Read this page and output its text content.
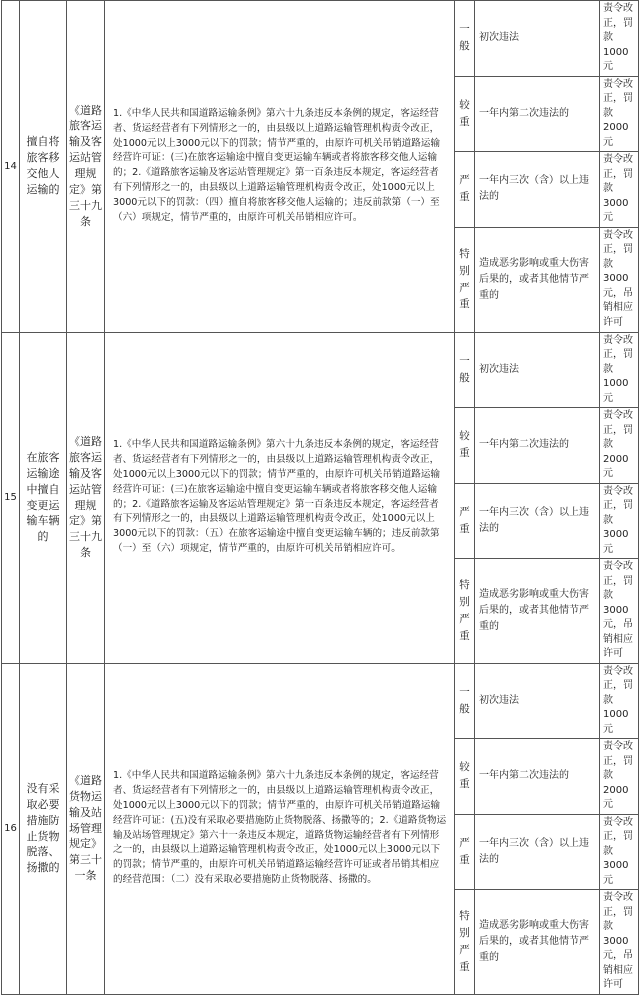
14	擅自将旅客移交他人运输的	《道路旅客运输及客运站管理规定》第三十九条	1.《中华人民共和国道路运输条例》第六十九条违反本条例的规定，客运经营者、货运经营者有下列情形之一的，由县级以上道路运输管理机构责令改正，处1000元以上3000元以下的罚款；情节严重的，由原许可机关吊销道路运输经营许可证：(三)在旅客运输途中擅自变更运输车辆或者将旅客移交他人运输的；2.《道路旅客运输及客运站管理规定》第一百条违反本规定，客运经营者有下列情形之一的，由县级以上道路运输管理机构责令改正，处1000元以上3000元以下的罚款：（四）擅自将旅客移交他人运输的；违反前款第（一）至（六）项规定，情节严重的，由原许可机关吊销相应许可。	一般	初次违法	责令改正，罚款1000元
				较重	一年内第二次违法的	责令改正，罚款2000元
				严重	一年内三次（含）以上违法的	责令改正，罚款3000元
				特别严重	造成恶劣影响或重大伤害后果的，或者其他情节严重的	责令改正，罚款3000元，吊销相应许可
15	在旅客运输途中擅自变更运输车辆的	《道路旅客运输及客运站管理规定》第三十九条	1.《中华人民共和国道路运输条例》第六十九条违反本条例的规定，客运经营者、货运经营者有下列情形之一的，由县级以上道路运输管理机构责令改正，处1000元以上3000元以下的罚款；情节严重的，由原许可机关吊销道路运输经营许可证：(三)在旅客运输途中擅自变更运输车辆或者将旅客移交他人运输的；2.《道路旅客运输及客运站管理规定》第一百条违反本规定，客运经营者有下列情形之一的，由县级以上道路运输管理机构责令改正，处1000元以上3000元以下的罚款：（五）在旅客运输途中擅自变更运输车辆的；违反前款第（一）至（六）项规定，情节严重的，由原许可机关吊销相应许可。	一般	初次违法	责令改正，罚款1000元
				较重	一年内第二次违法的	责令改正，罚款2000元
				严重	一年内三次（含）以上违法的	责令改正，罚款3000元
				特别严重	造成恶劣影响或重大伤害后果的，或者其他情节严重的	责令改正，罚款3000元，吊销相应许可
16	没有采取必要措施防止货物脱落、扬撒的	《道路货物运输及站场管理规定》第三十一条	1.《中华人民共和国道路运输条例》第六十九条违反本条例的规定，客运经营者、货运经营者有下列情形之一的，由县级以上道路运输管理机构责令改正，处1000元以上3000元以下的罚款；情节严重的，由原许可机关吊销道路运输经营许可证：(五)没有采取必要措施防止货物脱落、扬撒等的；2.《道路货物运输及站场管理规定》第六十一条违反本规定，道路货物运输经营者有下列情形之一的，由县级以上道路运输管理机构责令改正，处1000元以上3000元以下的罚款；情节严重的，由原许可机关吊销道路运输经营许可证或者吊销其相应的经营范围：（二）没有采取必要措施防止货物脱落、扬撒的。	一般	初次违法	责令改正，罚款1000元
				较重	一年内第二次违法的	责令改正，罚款2000元
				严重	一年内三次（含）以上违法的	责令改正，罚款3000元
				特别严重	造成恶劣影响或重大伤害后果的，或者其他情节严重的	责令改正，罚款3000元，吊销相应许可
